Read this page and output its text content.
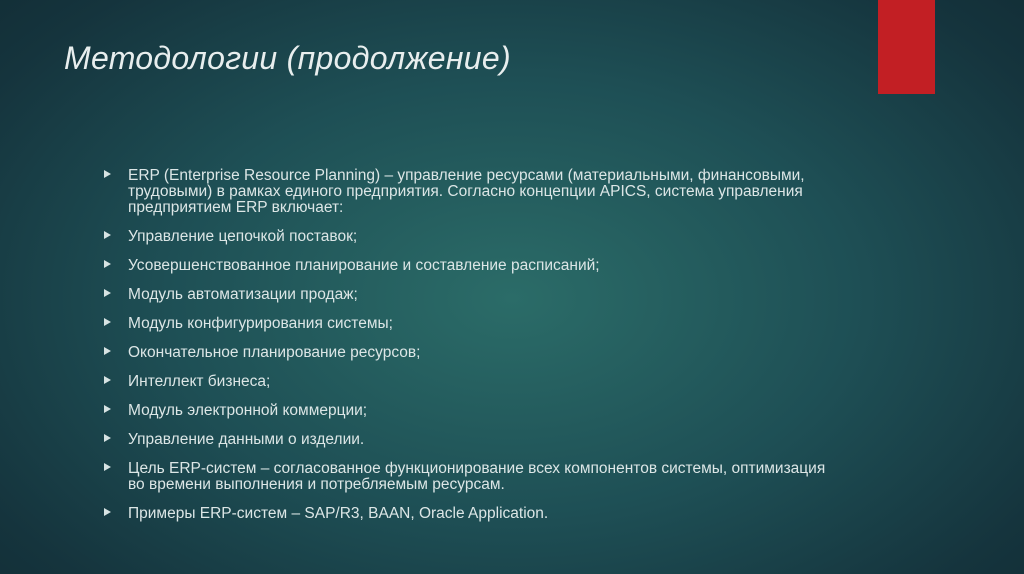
Методологии (продолжение)
ERP (Enterprise Resource Planning) – управление ресурсами (материальными, финансовыми, трудовыми) в рамках единого предприятия. Согласно концепции APICS, система управления предприятием ERP включает:
Управление цепочкой поставок;
Усовершенствованное планирование и составление расписаний;
Модуль автоматизации продаж;
Модуль конфигурирования системы;
Окончательное планирование ресурсов;
Интеллект бизнеса;
Модуль электронной коммерции;
Управление данными о изделии.
Цель ERP-систем – согласованное функционирование всех компонентов системы, оптимизация во времени выполнения и потребляемым ресурсам.
Примеры ERP-систем – SAP/R3, BAAN, Oracle Application.
